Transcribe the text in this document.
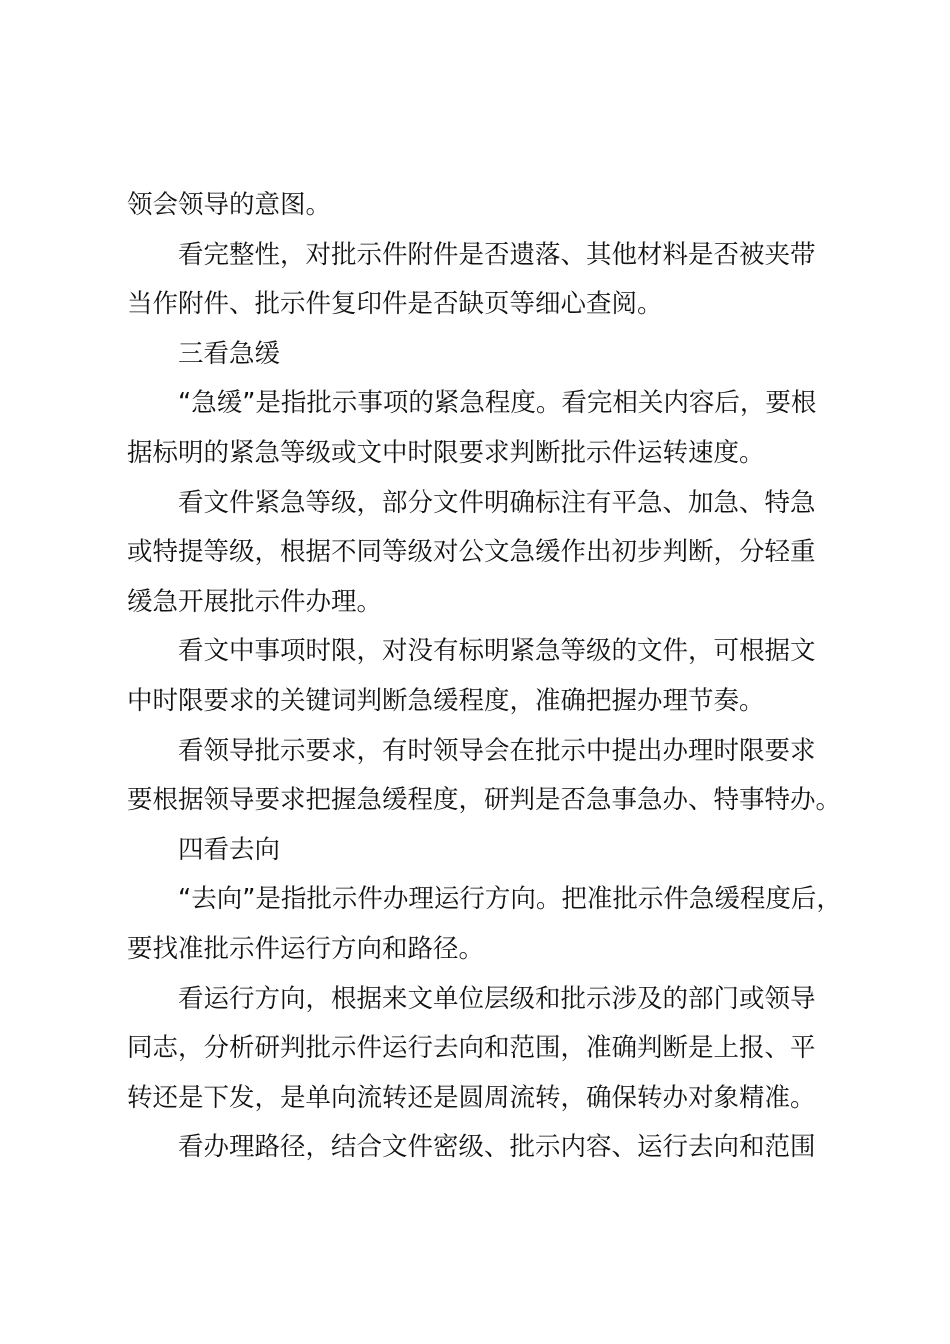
领会领导的意图。

看完整性，对批示件附件是否遗落、其他材料是否被夹带

当作附件、批示件复印件是否缺页等细心查阅。

三看急缓

“急缓”是指批示事项的紧急程度。看完相关内容后，要根

据标明的紧急等级或文中时限要求判断批示件运转速度。

看文件紧急等级，部分文件明确标注有平急、加急、特急

或特提等级，根据不同等级对公文急缓作出初步判断，分轻重

缓急开展批示件办理。

看文中事项时限，对没有标明紧急等级的文件，可根据文

中时限要求的关键词判断急缓程度，准确把握办理节奏。

看领导批示要求，有时领导会在批示中提出办理时限要求

要根据领导要求把握急缓程度，研判是否急事急办、特事特办。

四看去向

“去向”是指批示件办理运行方向。把准批示件急缓程度后，

要找准批示件运行方向和路径。

看运行方向，根据来文单位层级和批示涉及的部门或领导

同志，分析研判批示件运行去向和范围，准确判断是上报、平

转还是下发，是单向流转还是圆周流转，确保转办对象精准。

看办理路径，结合文件密级、批示内容、运行去向和范围
